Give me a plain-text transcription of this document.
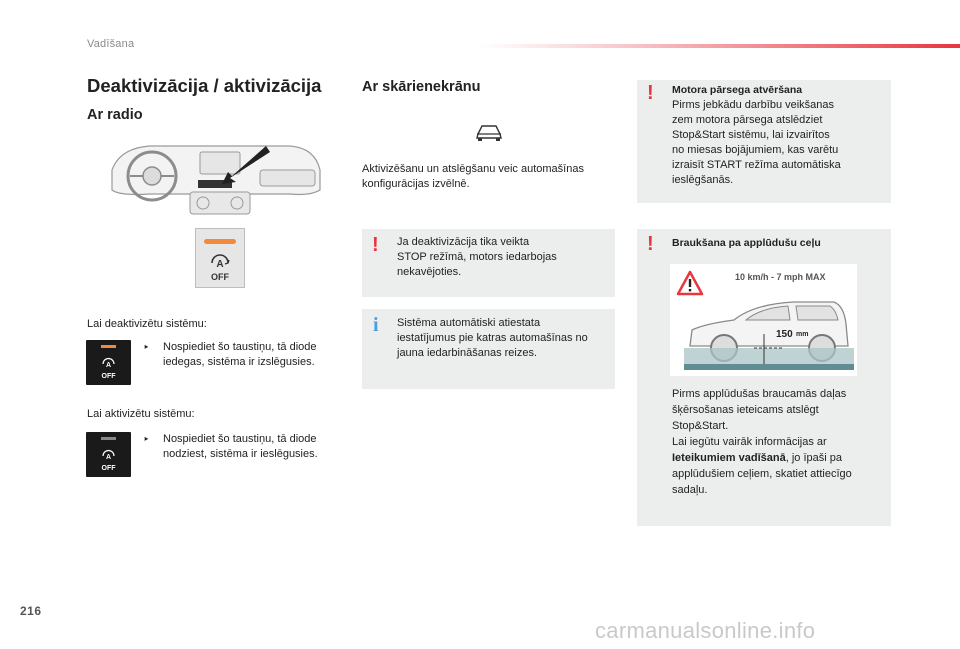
Vadīšana
216
Deaktivizācija / aktivizācija
Ar radio
A
OFF
Lai deaktivizētu sistēmu:
A
OFF
‣ Nospiediet šo taustiņu, tā diode
iedegas, sistēma ir izslēgusies.
Lai aktivizētu sistēmu:
A
OFF
‣ Nospiediet šo taustiņu, tā diode
nodziest, sistēma ir ieslēgusies.
Ar skārienekrānu
Aktivizēšanu un atslēgšanu veic automašīnas
konfigurācijas izvēlnē.
! Ja deaktivizācija tika veikta
STOP režīmā, motors iedarbojas
nekavējoties.
i Sistēma automātiski atiestata
iestatījumus pie katras automašīnas no
jauna iedarbināšanas reizes.
! Motora pārsega atvēršana
Pirms jebkādu darbību veikšanas
zem motora pārsega atslēdziet
Stop&Start sistēmu, lai izvairītos
no miesas bojājumiem, kas varētu
izraisīt START režīma automātiska
ieslēgšanās.
! Braukšana pa applūdušu ceļu
10 km/h - 7 mph MAX
150 mm
Pirms applūdušas braucamās daļas
šķērsošanas ieteicams atslēgt
Stop&Start.
Lai iegūtu vairāk informācijas ar
Ieteikumiem vadīšanā, jo īpaši pa
applūdušiem ceļiem, skatiet attiecīgo
sadaļu.
carmanualsonline.info
